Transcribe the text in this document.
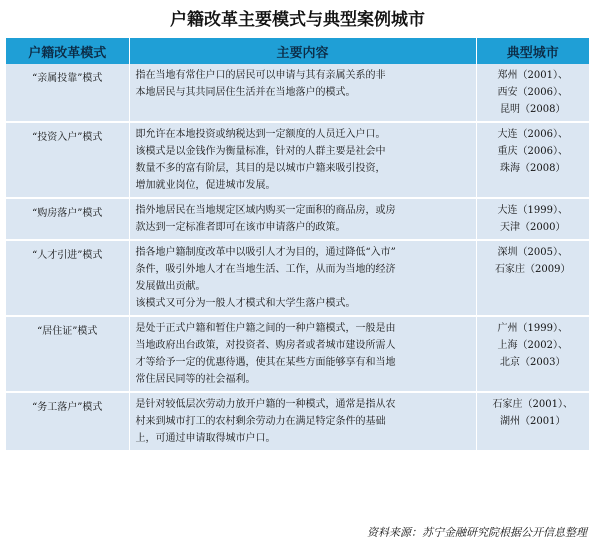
户籍改革主要模式与典型案例城市
户籍改革模式	主要内容	典型城市
“亲属投靠”模式	指在当地有常住户口的居民可以申请与其有亲属关系的非
本地居民与其共同居住生活并在当地落户的模式。	郑州（2001）、
西安（2006）、
昆明（2008）

“投资入户”模式	即允许在本地投资或纳税达到一定额度的人员迁入户口。
该模式是以金钱作为衡量标准，针对的人群主要是社会中
数量不多的富有阶层，其目的是以城市户籍来吸引投资，
增加就业岗位，促进城市发展。	大连（2006）、
重庆（2006）、
珠海（2008）

“购房落户”模式	指外地居民在当地规定区域内购买一定面积的商品房，或房
款达到一定标准者即可在该市申请落户的政策。	大连（1999）、
天津（2000）

“人才引进”模式	指各地户籍制度改革中以吸引人才为目的，通过降低“入市”
条件，吸引外地人才在当地生活、工作，从而为当地的经济
发展做出贡献。
该模式又可分为一般人才模式和大学生落户模式。	深圳（2005）、
石家庄（2009）

“居住证”模式	是处于正式户籍和暂住户籍之间的一种户籍模式，一般是由
当地政府出台政策，对投资者、购房者或者城市建设所需人
才等给予一定的优惠待遇，使其在某些方面能够享有和当地
常住居民同等的社会福利。	广州（1999）、
上海（2002）、
北京（2003）

“务工落户”模式	是针对较低层次劳动力放开户籍的一种模式，通常是指从农
村来到城市打工的农村剩余劳动力在满足特定条件的基础
上，可通过申请取得城市户口。	石家庄（2001）、
湖州（2001）
资料来源：苏宁金融研究院根据公开信息整理
